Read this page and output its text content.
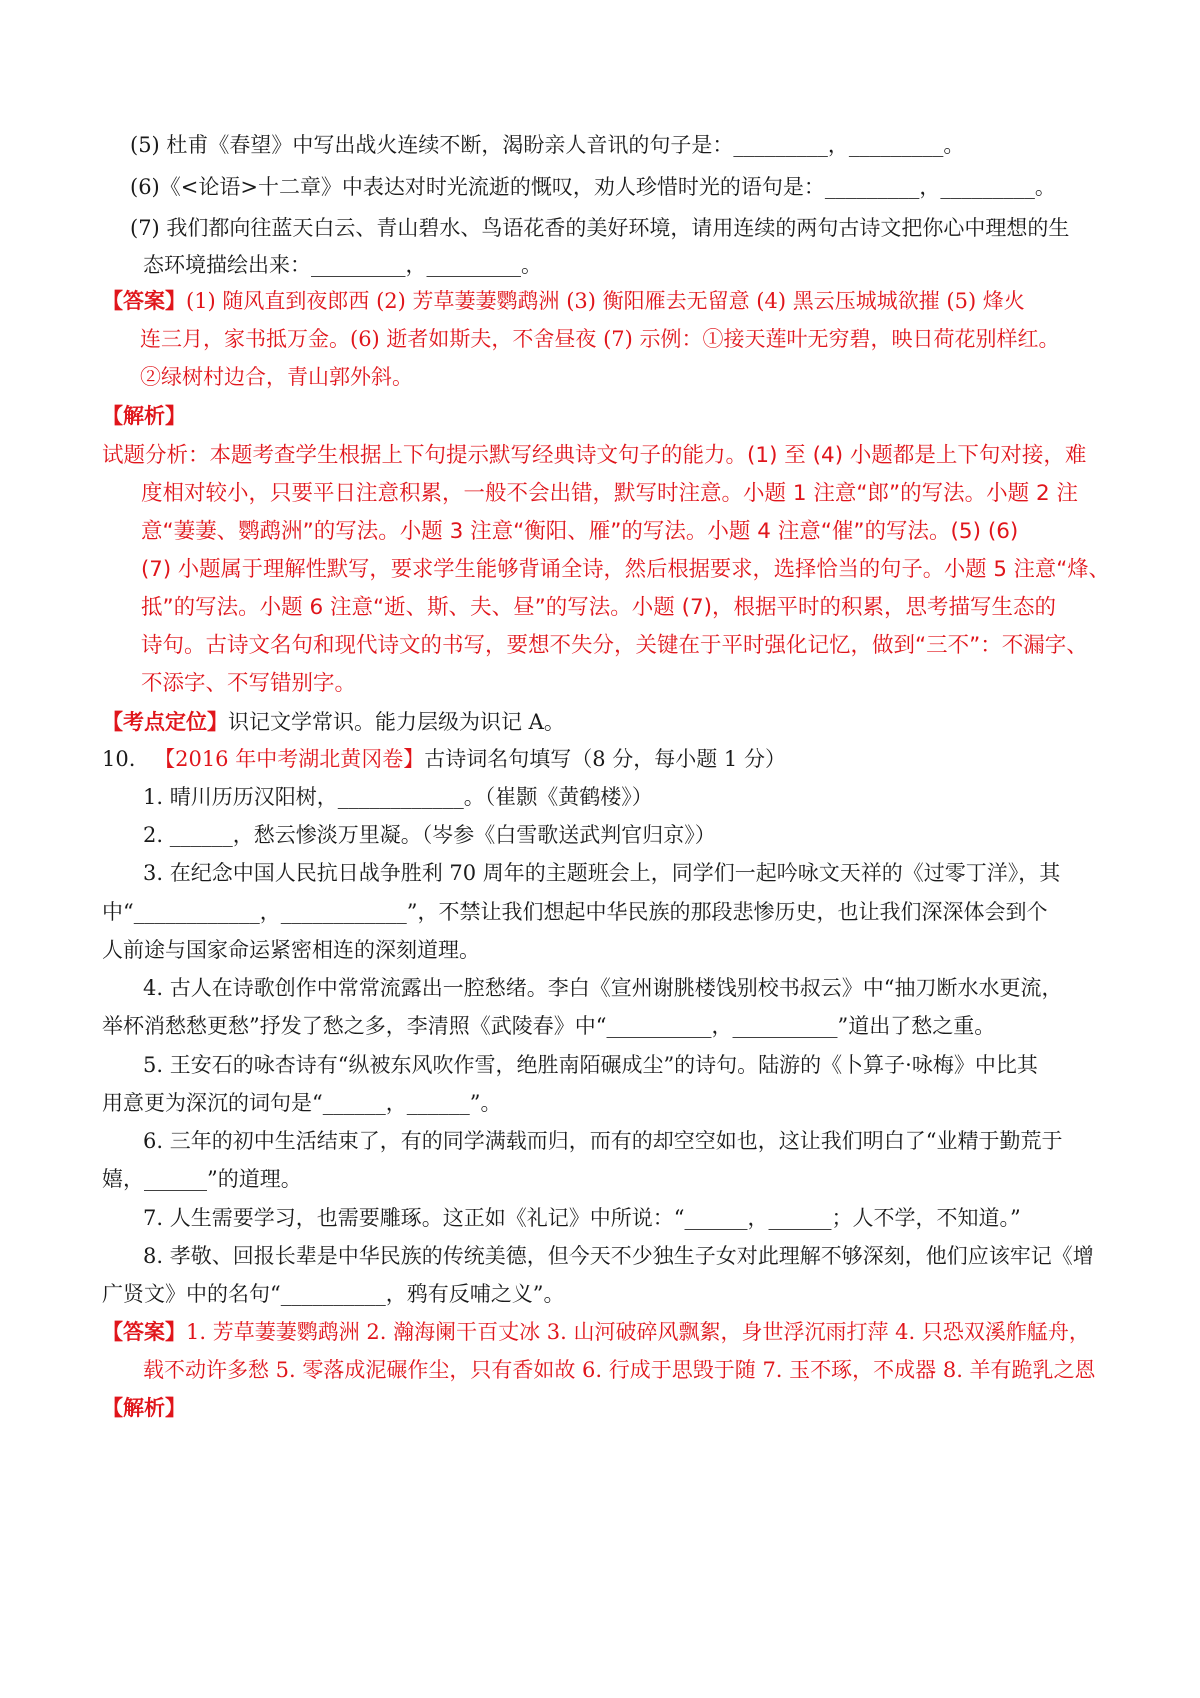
(5) 杜甫《春望》中写出战火连续不断，渴盼亲人音讯的句子是：_________，_________。
(6)《<论语>十二章》中表达对时光流逝的慨叹，劝人珍惜时光的语句是：_________，_________。
(7) 我们都向往蓝天白云、青山碧水、鸟语花香的美好环境，请用连续的两句古诗文把你心中理想的生
态环境描绘出来：_________，_________。
【答案】(1) 随风直到夜郎西 (2) 芳草萋萋鹦鹉洲 (3) 衡阳雁去无留意 (4) 黑云压城城欲摧 (5) 烽火
连三月，家书抵万金。(6) 逝者如斯夫，不舍昼夜 (7) 示例：①接天莲叶无穷碧，映日荷花别样红。
②绿树村边合，青山郭外斜。
【解析】
试题分析：本题考查学生根据上下句提示默写经典诗文句子的能力。(1) 至 (4) 小题都是上下句对接，难
度相对较小，只要平日注意积累，一般不会出错，默写时注意。小题 1 注意“郎”的写法。小题 2 注
意“萋萋、鹦鹉洲”的写法。小题 3 注意“衡阳、雁”的写法。小题 4 注意“催”的写法。(5) (6)
(7) 小题属于理解性默写，要求学生能够背诵全诗，然后根据要求，选择恰当的句子。小题 5 注意“烽、
抵”的写法。小题 6 注意“逝、斯、夫、昼”的写法。小题 (7)，根据平时的积累，思考描写生态的
诗句。古诗文名句和现代诗文的书写，要想不失分，关键在于平时强化记忆，做到“三不”：不漏字、
不添字、不写错别字。
【考点定位】识记文学常识。能力层级为识记 A。
10. 【2016 年中考湖北黄冈卷】古诗词名句填写（8 分，每小题 1 分）
1. 晴川历历汉阳树，____________。（崔颢《黄鹤楼》）
2. ______，愁云惨淡万里凝。（岑参《白雪歌送武判官归京》）
3. 在纪念中国人民抗日战争胜利 70 周年的主题班会上，同学们一起吟咏文天祥的《过零丁洋》，其
中“____________，____________”，不禁让我们想起中华民族的那段悲惨历史，也让我们深深体会到个
人前途与国家命运紧密相连的深刻道理。
4. 古人在诗歌创作中常常流露出一腔愁绪。李白《宣州谢朓楼饯别校书叔云》中“抽刀断水水更流，
举杯消愁愁更愁”抒发了愁之多，李清照《武陵春》中“__________，__________”道出了愁之重。
5. 王安石的咏杏诗有“纵被东风吹作雪，绝胜南陌碾成尘”的诗句。陆游的《卜算子·咏梅》中比其
用意更为深沉的词句是“______，______”。
6. 三年的初中生活结束了，有的同学满载而归，而有的却空空如也，这让我们明白了“业精于勤荒于
嬉，______”的道理。
7. 人生需要学习，也需要雕琢。这正如《礼记》中所说：“______，______；人不学，不知道。”
8. 孝敬、回报长辈是中华民族的传统美德，但今天不少独生子女对此理解不够深刻，他们应该牢记《增
广贤文》中的名句“__________，鸦有反哺之义”。
【答案】1. 芳草萋萋鹦鹉洲 2. 瀚海阑干百丈冰 3. 山河破碎风飘絮，身世浮沉雨打萍 4. 只恐双溪舴艋舟，
载不动许多愁 5. 零落成泥碾作尘，只有香如故 6. 行成于思毁于随 7. 玉不琢，不成器 8. 羊有跪乳之恩
【解析】
